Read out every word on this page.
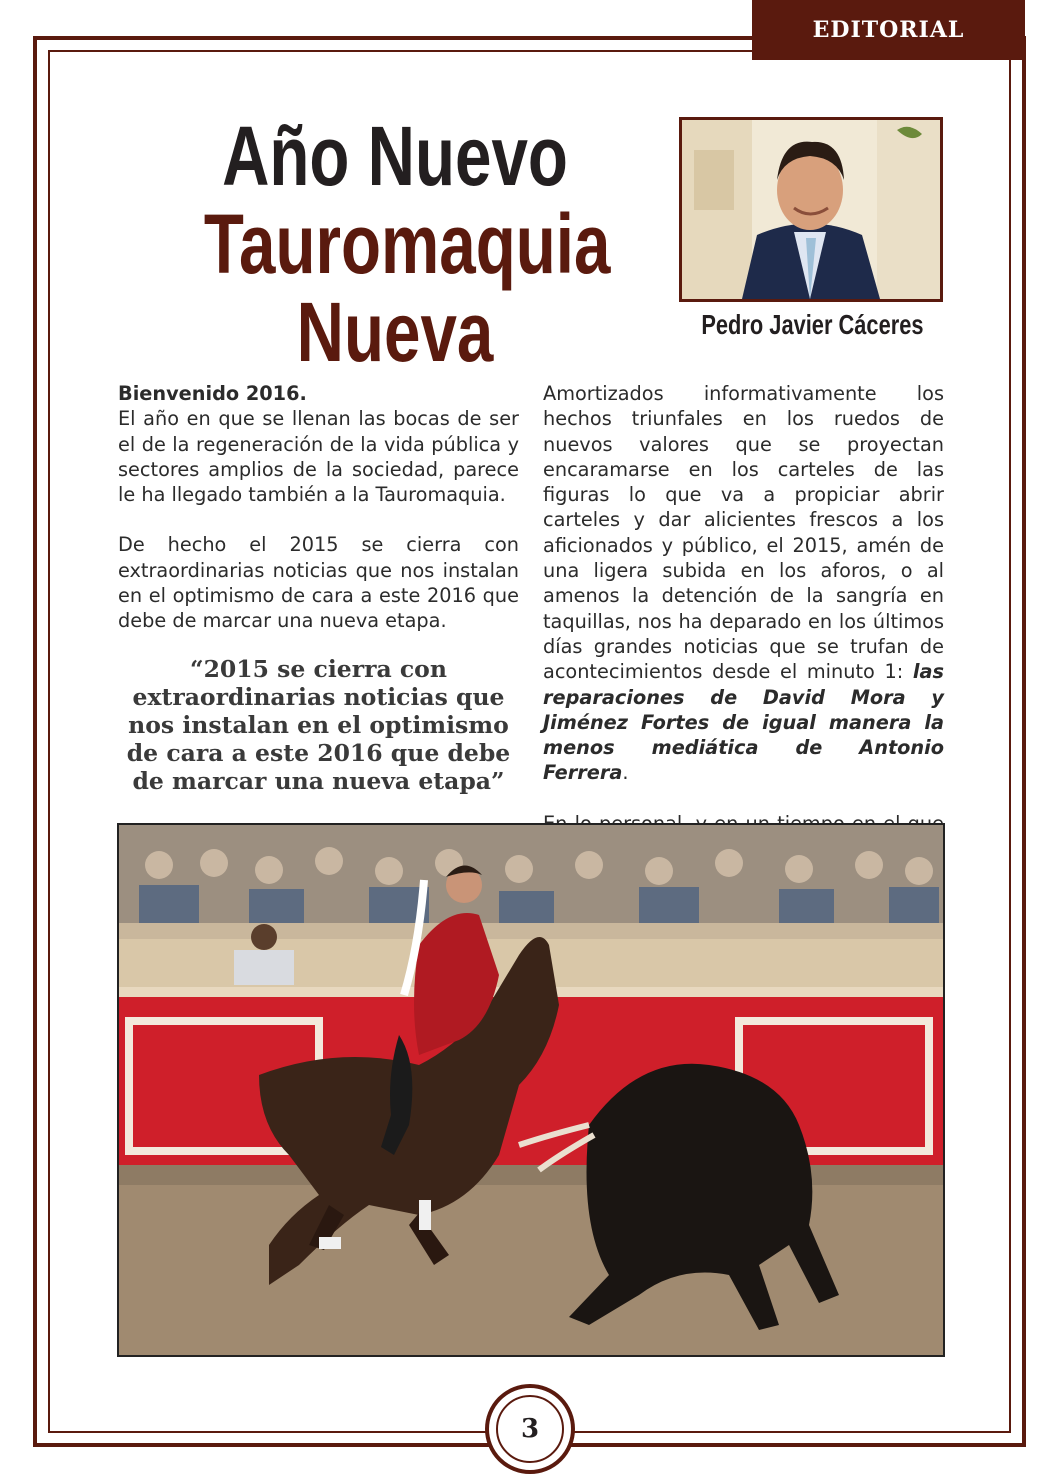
EDITORIAL
Año Nuevo
Tauromaquia
Nueva	Pedro Javier Cáceres

Bienvenido 2016.

El año en que se llenan las bocas de ser el de la regeneración de la vida pública y sectores amplios de la sociedad, parece le ha llegado también a la Tauromaquia.

De hecho el 2015 se cierra con extraordinarias noticias que nos instalan en el optimismo de cara a este 2016 que debe de marcar una nueva etapa.

“2015 se cierra con extraordinarias noticias que nos instalan en el optimismo de cara a este 2016 que debe de marcar una nueva etapa”

Amortizados informativamente los hechos triunfales en los ruedos de nuevos valores que se proyectan encaramarse en los carteles de las figuras lo que va a propiciar abrir carteles y dar alicientes frescos a los aficionados y público, el 2015, amén de una ligera subida en los aforos, o al amenos la detención de la sangría en taquillas, nos ha deparado en los últimos días grandes noticias que se trufan de acontecimientos desde el minuto 1: las reparaciones de David Mora y Jiménez Fortes de igual manera la menos mediática de Antonio Ferrera.

3
